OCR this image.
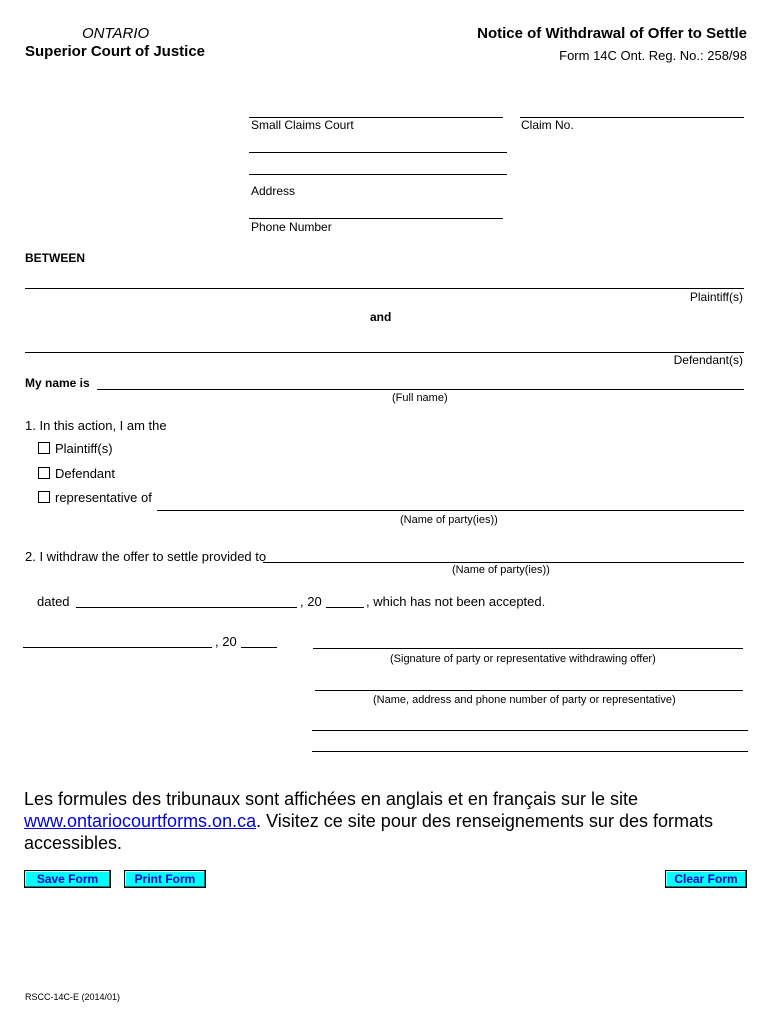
ONTARIO
Superior Court of Justice
Notice of Withdrawal of Offer to Settle
Form 14C Ont. Reg. No.: 258/98
Small Claims Court	Claim No.
Address
Phone Number
BETWEEN
Plaintiff(s)
and
Defendant(s)
My name is
(Full name)
1. In this action, I am the
Plaintiff(s)
Defendant
representative of
(Name of party(ies))
2. I withdraw the offer to settle provided to
(Name of party(ies))
dated	, 20	, which has not been accepted.
, 20
(Signature of party or representative withdrawing offer)
(Name, address and phone number of party or representative)
Les formules des tribunaux sont affichées en anglais et en français sur le site
www.ontariocourtforms.on.ca. Visitez ce site pour des renseignements sur des formats
accessibles.
Save Form	Print Form	Clear Form
RSCC-14C-E (2014/01)
